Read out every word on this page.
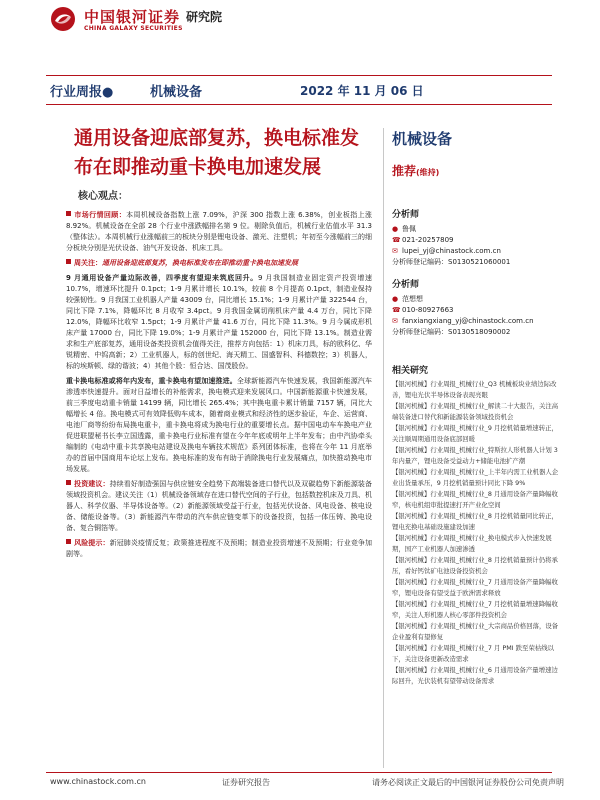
中国银河证券
CHINA GALAXY SECURITIES
研究院
行业周报●	机械设备	2022 年 11 月 06 日
通用设备迎底部复苏，换电标准发
布在即推动重卡换电加速发展
核心观点：

市场行情回顾：本周机械设备指数上涨 7.09%，沪深 300 指数上涨 6.38%，创业板指上涨 8.92%。机械设备在全部 28 个行业中涨跌幅排名第 9 位。剔除负值后，机械行业估值水平 31.3（整体法）。本周机械行业涨幅前三的板块分别是锂电设备、激光、注塑机；年初至今涨幅前三的细分板块分别是光伏设备、油气开发设备、机床工具。

周关注：通用设备迎底部复苏，换电标准发布在即推动重卡换电加速发展

9 月通用设备产量边际改善，四季度有望迎来筑底回升。9 月我国制造业固定资产投资增速 10.7%，增速环比提升 0.1pct；1-9 月累计增长 10.1%，较前 8 个月提高 0.1pct，制造业保持较强韧性。9 月我国工业机器人产量 43009 台，同比增长 15.1%；1-9 月累计产量 322544 台，同比下降 7.1%，降幅环比 8 月收窄 3.4pct。9 月我国金属切削机床产量 4.4 万台，同比下降 12.0%，降幅环比收窄 1.5pct；1-9 月累计产量 41.6 万台，同比下降 11.3%。9 月今属成形机床产量 17000 台，同比下降 19.0%；1-9 月累计产量 152000 台，同比下降 13.1%。制造业需求和生产底部复苏，通用设备类投资机会值得关注，推荐方向包括：1）机床刀具，标的欧科亿、华锐精密、中钨高新；2）工业机器人，标的创世纪、海天精工、国盛智科、科德数控；3）机器人，标的埃斯顿、绿的谐波；4）其他个股：恒合达、国茂股份。

重卡换电标准或将年内发布，重卡换电有望加速推进。全球新能源汽车快速发展，我国新能源汽车渗透率快速提升。面对日益增长的补能需求，换电模式迎来发展风口。中国新能源重卡快速发展，前三季度电动重卡销量 14199 辆，同比增长 265.4%；其中换电重卡累计销量 7157 辆，同比大幅增长 4 倍。换电模式可有效降低购车成本，随着商业模式和经济性的逐步验证，车企、运营商、电池厂商等纷纷布局换电重卡，重卡换电将成为换电行业的重要增长点。据中国电动车车换电产业促进联盟秘书长李立国透露，重卡换电行业标准有望在今年年底或明年上半年发布；由中汽协牵头编制的《电动中重卡共享换电站建设及换电车辆技术规范》系列团体标准，也将在今年 11 月底举办的首届中国商用车论坛上发布。换电标准的发布有助于消除换电行业发展痛点，加快推动换电市场发展。

投资建议：持续看好制造强国与供应链安全趋势下高端装备进口替代以及双碳趋势下新能源装备领域投资机会。建议关注（1）机械设备领域存在进口替代空间的子行业，包括数控机床及刀具、机器人、科学仪器、半导体设备等。（2）新能源领域受益于行业，包括光伏设备、风电设备、核电设备、储能设备等。（3）新能源汽车带动的汽车供应链变革下的设备投资，包括一体压铸、换电设备、复合铜箔等。

风险提示：新冠肺炎疫情反复；政策推进程度不及预期；制造业投资增速不及预期；行业竞争加剧等。

机械设备
推荐(维持)
分析师
● 鲁佩
☎021-20257809
✉ lupei_yj@chinastock.com.cn
分析师登记编码：S0130521060001
分析师
● 范想想
☎010-80927663
✉ fanxiangxiang_yj@chinastock.com.cn
分析师登记编码：S0130518090002
相关研究
【银河机械】行业周报_机械行业_Q3 机械板块业绩边际改善，锂电光伏半导体设备表现亮眼
【银河机械】行业周报_机械行业_解读二十大报告，关注高端装备进口替代和新能源装备领域投资机会
【银河机械】行业周报_机械行业_9 月挖机销量增速转正，关注顺周期通用设备底部回暖
【银河机械】行业周报_机械行业_特斯拉人形机器人计划 3 年内量产，锂电设备受益动力+储能电池扩产潮
【银河机械】行业周报_机械行业_上半年内需工业机器人企业出货量承压，9 月挖机销量预计同比下降 9%
【银河机械】行业周报_机械行业_8 月通用设备产量降幅收窄，核电机组审批提速打开产业化空间
【银河机械】行业周报_机械行业_8 月挖机销量同比转正，锂电充换电基础设施建设加速
【银河机械】行业周报_机械行业_换电模式步入快速发展期，国产工业机器人加速渗透
【银河机械】行业周报_机械行业_8 月挖机销量预计仍将承压，看好钙钛矿电池设备投资机会
【银河机械】行业周报_机械行业_7 月通用设备产量降幅收窄，锂电设备有望受益于欧洲需求释放
【银河机械】行业周报_机械行业_7 月挖机销量增速降幅收窄，关注人形机器人核心零部件投资机会
【银河机械】行业周报_机械行业_大宗商品价格回落，设备企业盈利有望修复
【银河机械】行业周报_机械行业_7 月 PMI 跌至荣枯线以下，关注设备更新改造需求
【银河机械】行业周报_机械行业_6 月通用设备产量增速边际回升，光伏装机有望带动设备需求
www.chinastock.com.cn	证券研究报告	请务必阅读正文最后的中国银河证券股份公司免责声明
